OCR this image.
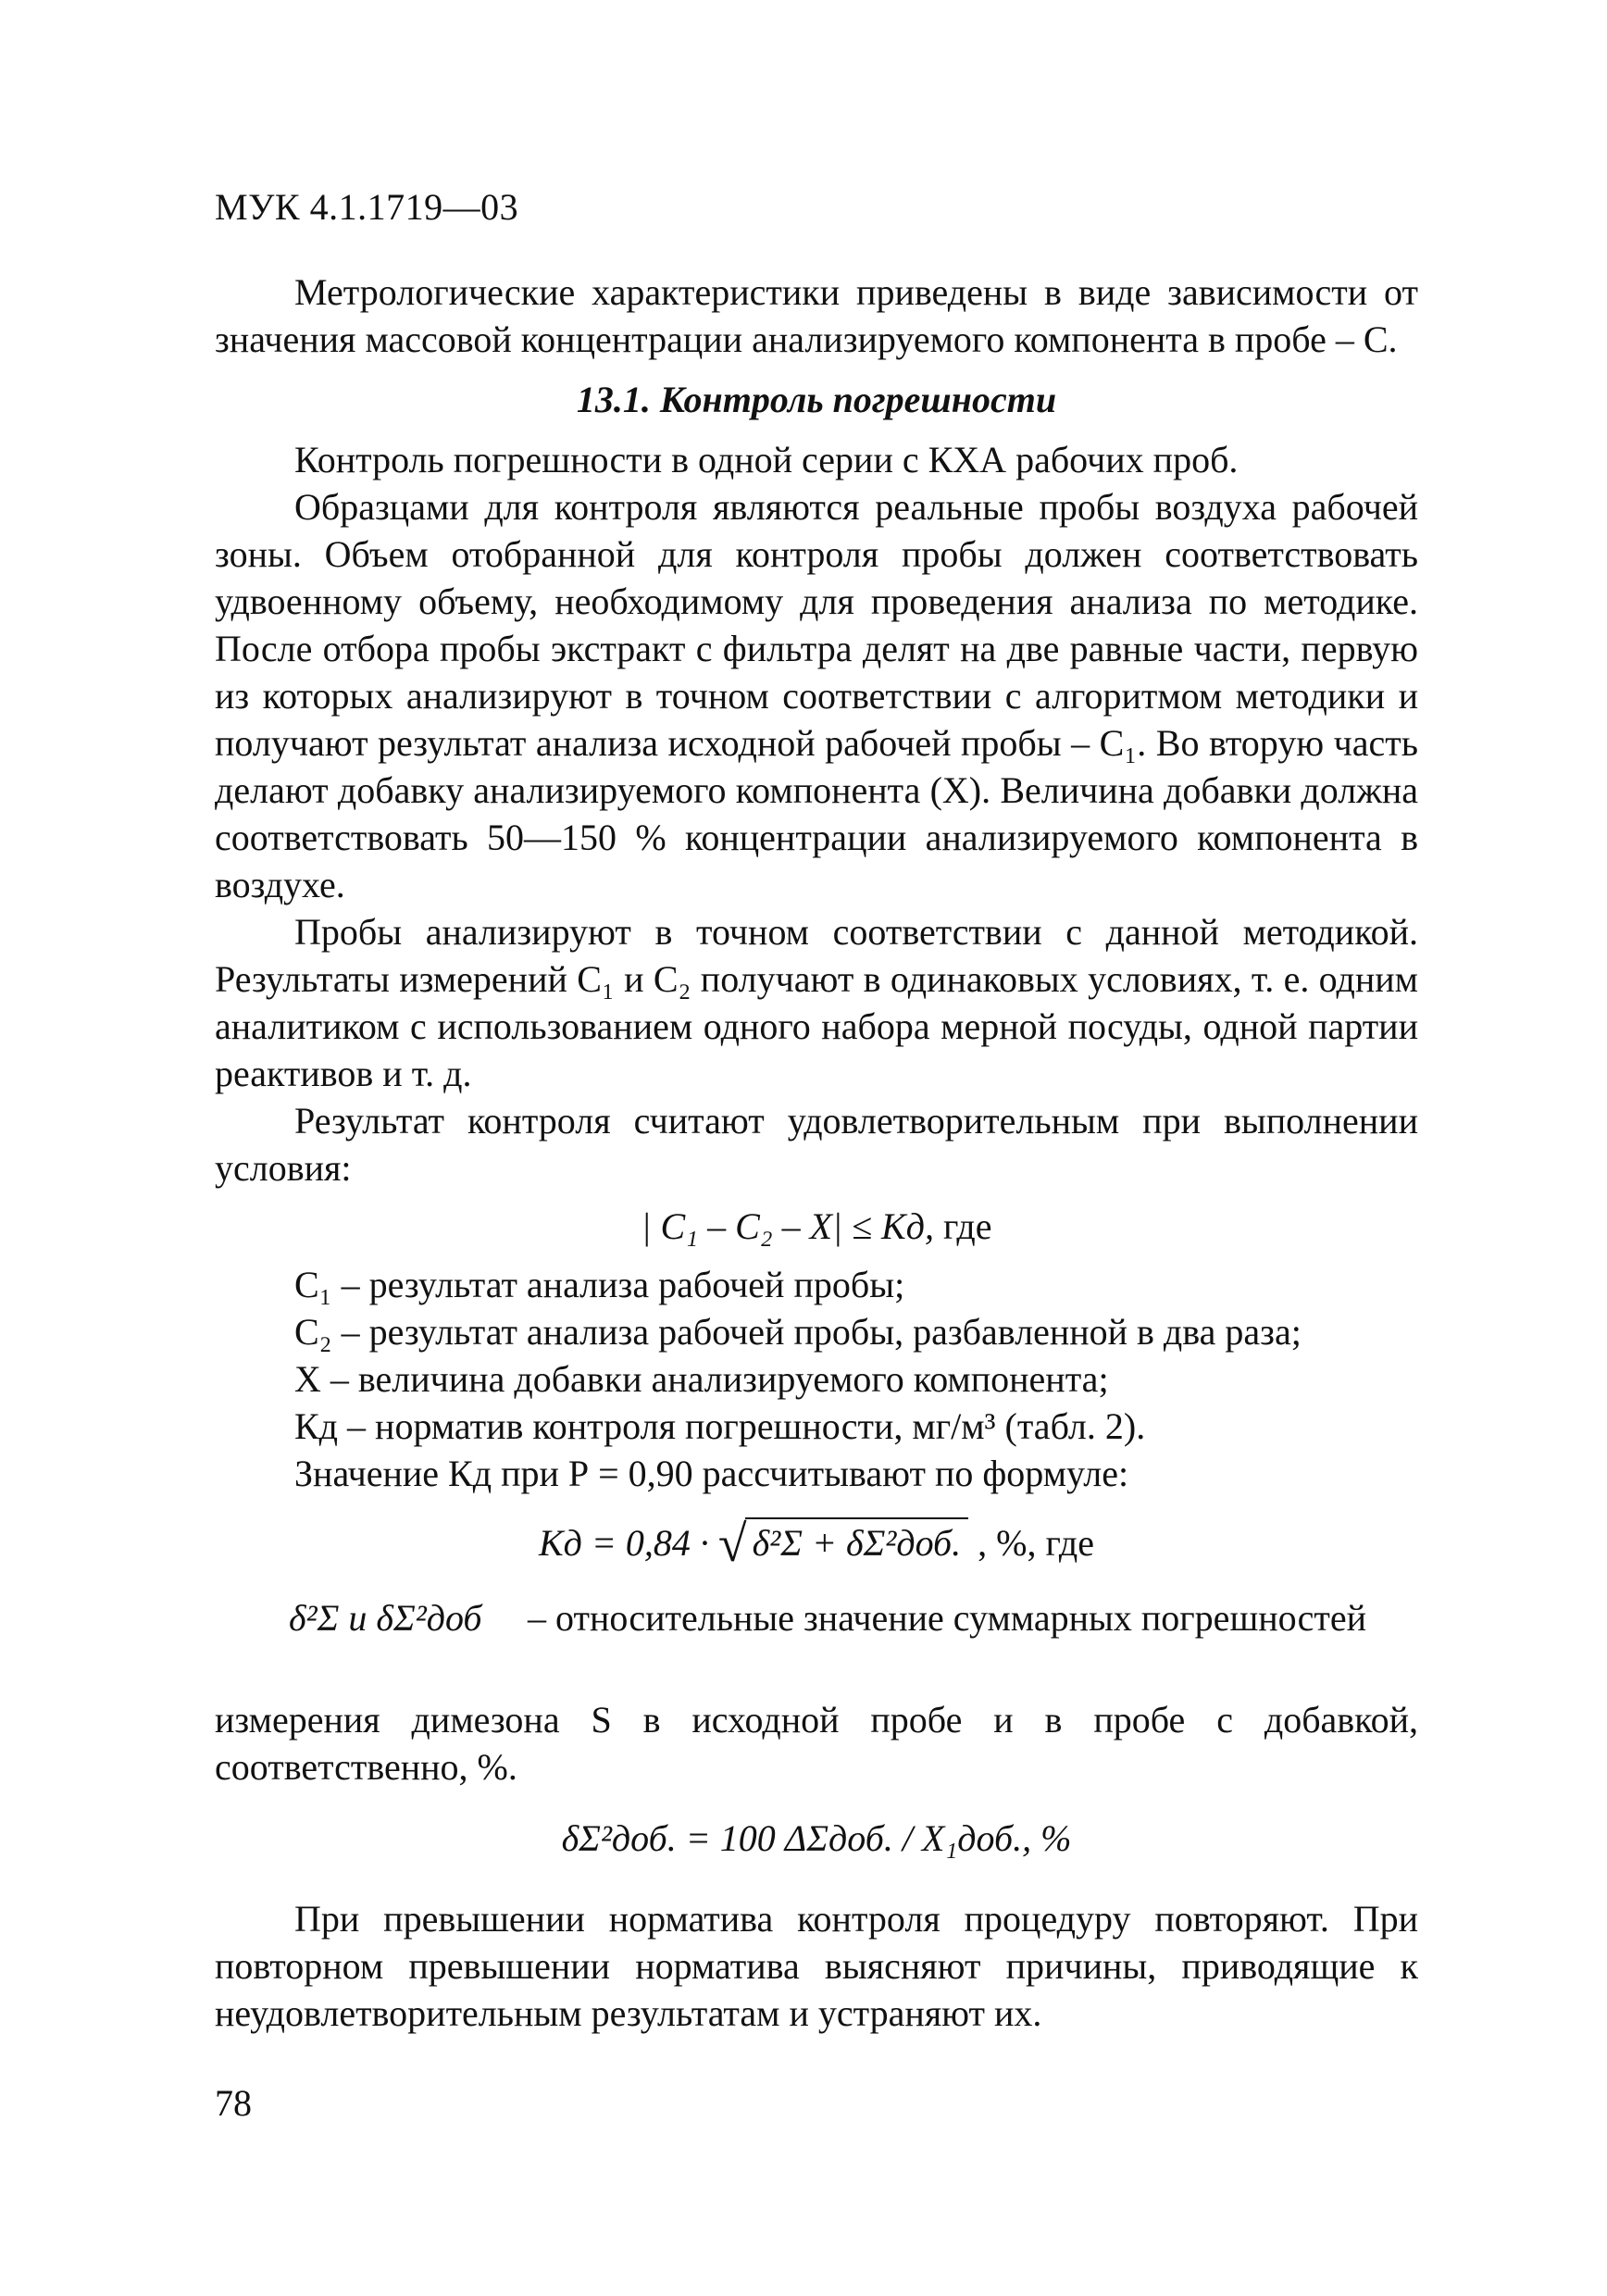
МУК 4.1.1719—03

Метрологические характеристики приведены в виде зависимости от значения массовой концентрации анализируемого компонента в пробе – С.

13.1. Контроль погрешности

Контроль погрешности в одной серии с КХА рабочих проб.

Образцами для контроля являются реальные пробы воздуха рабочей зоны. Объем отобранной для контроля пробы должен соответствовать удвоенному объему, необходимому для проведения анализа по методике. После отбора пробы экстракт с фильтра делят на две равные части, первую из которых анализируют в точном соответствии с алгоритмом методики и получают результат анализа исходной рабочей пробы – С₁. Во вторую часть делают добавку анализируемого компонента (Х). Величина добавки должна соответствовать 50—150 % концентрации анализируемого компонента в воздухе.

Пробы анализируют в точном соответствии с данной методикой. Результаты измерений С₁ и С₂ получают в одинаковых условиях, т. е. одним аналитиком с использованием одного набора мерной посуды, одной партии реактивов и т. д.

Результат контроля считают удовлетворительным при выполнении условия:

| C₁ – C₂ – X| ≤ Kд, где

С₁ – результат анализа рабочей пробы;

С₂ – результат анализа рабочей пробы, разбавленной в два раза;

Х – величина добавки анализируемого компонента;

Кд – норматив контроля погрешности, мг/м³ (табл. 2).

Значение Кд при Р = 0,90 рассчитывают по формуле:

Kд = 0,84 · √ δ²Σ + δΣ²доб. , %, где

δ²Σ и δΣ²доб – относительные значение суммарных погрешностей

измерения димезона S в исходной пробе и в пробе с добавкой, соответственно, %.

δΣ²доб. = 100 ΔΣдоб. / X₁доб., %

При превышении норматива контроля процедуру повторяют. При повторном превышении норматива выясняют причины, приводящие к неудовлетворительным результатам и устраняют их.

78
